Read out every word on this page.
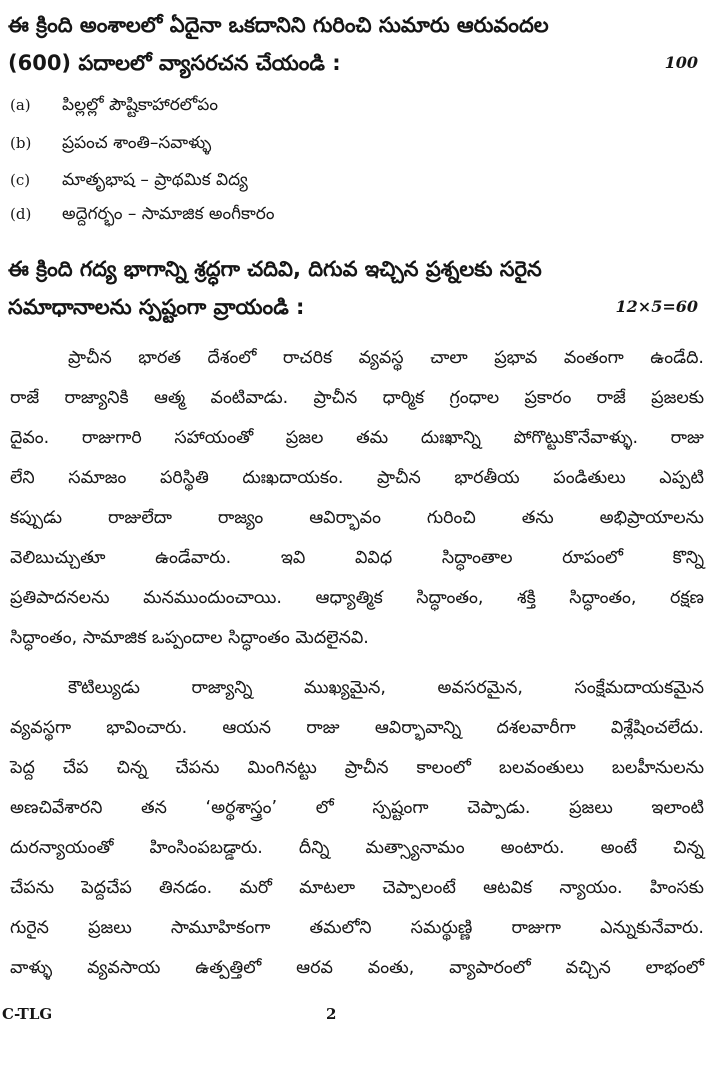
ఈ క్రింది అంశాలలో ఏదైనా ఒకదానిని గురించి సుమారు ఆరువందల
(600) పదాలలో వ్యాసరచన చేయండి :	100
(a) పిల్లల్లో పౌష్టికాహారలోపం
(b) ప్రపంచ శాంతి–సవాళ్ళు
(c) మాతృభాష – ప్రాథమిక విద్య
(d) అద్దెగర్భం – సామాజిక అంగీకారం
ఈ క్రింది గద్య భాగాన్ని శ్రద్ధగా చదివి, దిగువ ఇచ్చిన ప్రశ్నలకు సరైన
సమాధానాలను స్పష్టంగా వ్రాయండి :	12×5=60
ప్రాచీన భారత దేశంలో రాచరిక వ్యవస్థ చాలా ప్రభావ వంతంగా ఉండేది.
రాజే రాజ్యానికి ఆత్మ వంటివాడు. ప్రాచీన ధార్మిక గ్రంధాల ప్రకారం రాజే ప్రజలకు
దైవం. రాజుగారి సహాయంతో ప్రజల తమ దుఃఖాన్ని పోగొట్టుకొనేవాళ్ళు. రాజు
లేని సమాజం పరిస్థితి దుఃఖదాయకం. ప్రాచీన భారతీయ పండితులు ఎప్పటి
కప్పుడు రాజులేదా రాజ్యం ఆవిర్భావం గురించి తను అభిప్రాయాలను
వెలిబుచ్చుతూ ఉండేవారు. ఇవి వివిధ సిద్ధాంతాల రూపంలో కొన్ని
ప్రతిపాదనలను మనముందుంచాయి. ఆధ్యాత్మిక సిద్ధాంతం, శక్తి సిద్ధాంతం, రక్షణ
సిద్ధాంతం, సామాజిక ఒప్పందాల సిద్ధాంతం మెదలైనవి.
కౌటిల్యుడు రాజ్యాన్ని ముఖ్యమైన, అవసరమైన, సంక్షేమదాయకమైన
వ్యవస్థగా భావించారు. ఆయన రాజు ఆవిర్భావాన్ని దశలవారీగా విశ్లేషించలేదు.
పెద్ద చేప చిన్న చేపను మింగినట్టు ప్రాచీన కాలంలో బలవంతులు బలహీనులను
అణచివేశారని తన ‘అర్థశాస్త్రం’ లో స్పష్టంగా చెప్పాడు. ప్రజలు ఇలాంటి
దురన్యాయంతో హింసింపబడ్డారు. దీన్ని మత్స్యానామం అంటారు. అంటే చిన్న
చేపను పెద్దచేప తినడం. మరో మాటలా చెప్పాలంటే ఆటవిక న్యాయం. హింసకు
గురైన ప్రజలు సామూహికంగా తమలోని సమర్థుణ్ణి రాజుగా ఎన్నుకునేవారు.
వాళ్ళు వ్యవసాయ ఉత్పత్తిలో ఆరవ వంతు, వ్యాపారంలో వచ్చిన లాభంలో
C-TLG	2
